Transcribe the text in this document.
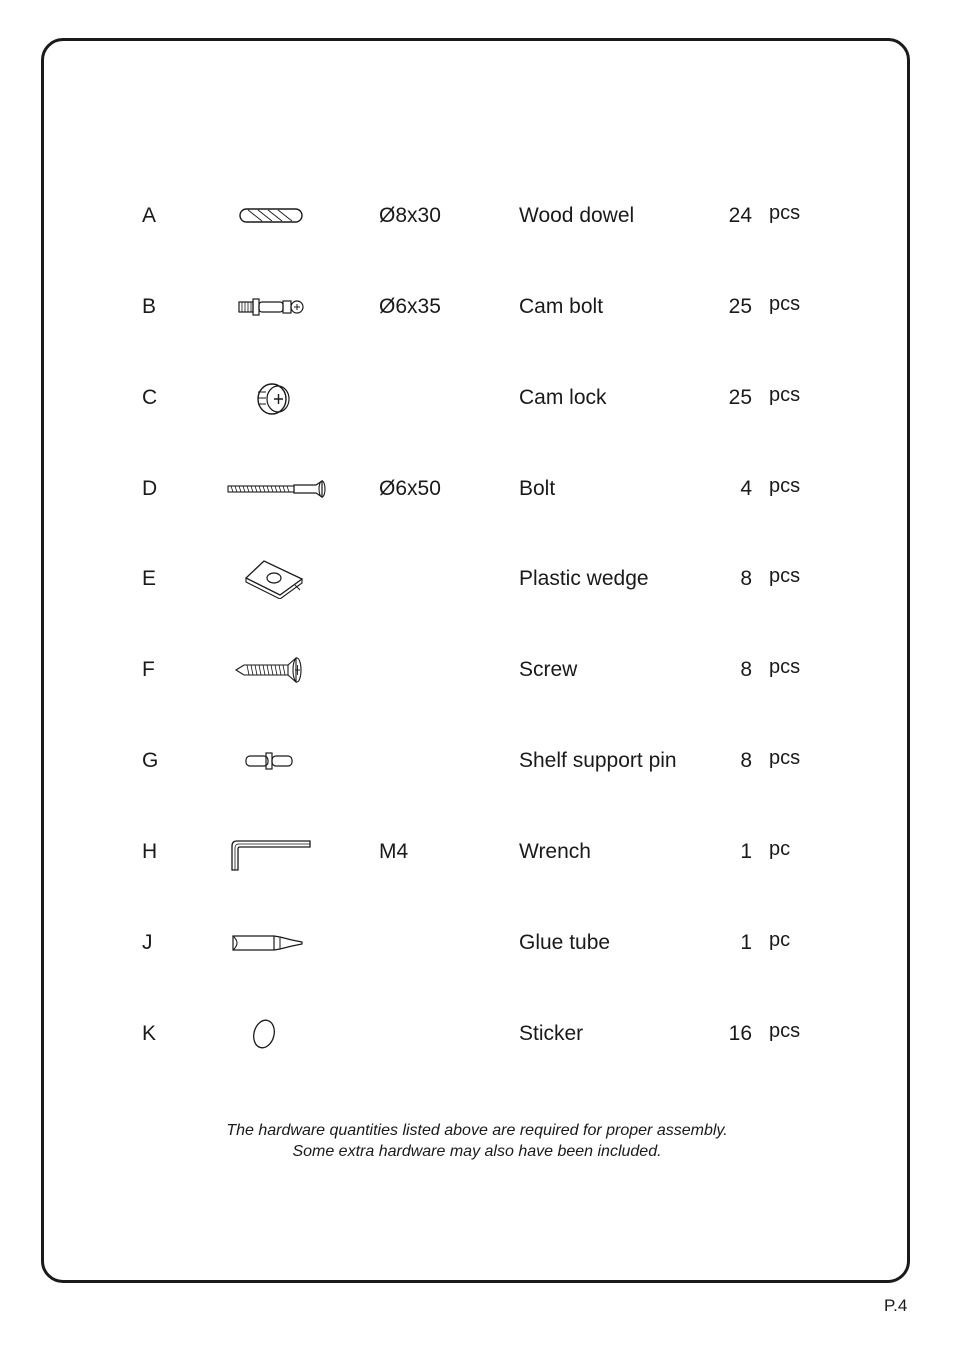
A	Ø8x30	Wood dowel	24 pcs
B	Ø6x35	Cam bolt	25 pcs
C	Cam lock	25 pcs
D	Ø6x50	Bolt	4 pcs
E	Plastic wedge	8 pcs
F	Screw	8 pcs
G	Shelf support pin	8 pcs
H	M4	Wrench	1 pc
J	Glue tube	1 pc
K	Sticker	16 pcs
The hardware quantities listed above are required for proper assembly.
Some extra hardware may also have been included.
P.4
